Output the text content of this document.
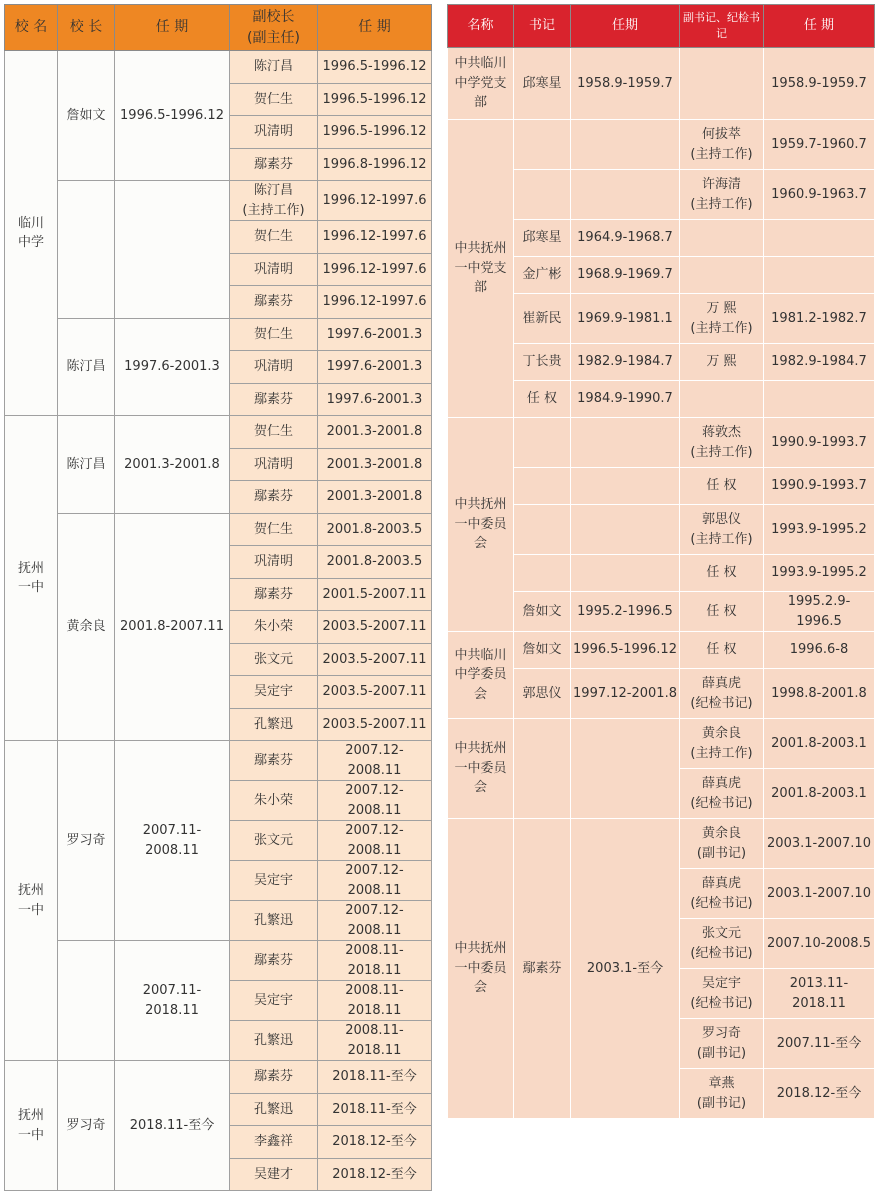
校 名	校 长	任 期	副校长
(副主任)	任 期
临川
中学	詹如文	1996.5-1996.12	陈汀昌	1996.5-1996.12
			贺仁生	1996.5-1996.12
			巩清明	1996.5-1996.12
			鄢素芬	1996.8-1996.12
			陈汀昌
(主持工作)	1996.12-1997.6
			贺仁生	1996.12-1997.6
			巩清明	1996.12-1997.6
			鄢素芬	1996.12-1997.6
	陈汀昌	1997.6-2001.3	贺仁生	1997.6-2001.3
			巩清明	1997.6-2001.3
			鄢素芬	1997.6-2001.3
抚州
一中	陈汀昌	2001.3-2001.8	贺仁生	2001.3-2001.8
			巩清明	2001.3-2001.8
			鄢素芬	2001.3-2001.8
	黄余良	2001.8-2007.11	贺仁生	2001.8-2003.5
			巩清明	2001.8-2003.5
			鄢素芬	2001.5-2007.11
			朱小荣	2003.5-2007.11
			张文元	2003.5-2007.11
			吴定宇	2003.5-2007.11
			孔繁迅	2003.5-2007.11
抚州
一中	罗习奇	2007.11-2008.11	鄢素芬	2007.12-2008.11
			朱小荣	2007.12-2008.11
			张文元	2007.12-2008.11
			吴定宇	2007.12-2008.11
			孔繁迅	2007.12-2008.11
		2007.11-2018.11	鄢素芬	2008.11-2018.11
			吴定宇	2008.11-2018.11
			孔繁迅	2008.11-2018.11
抚州
一中	罗习奇	2018.11-至今	鄢素芬	2018.11-至今
			孔繁迅	2018.11-至今
			李鑫祥	2018.12-至今
			吴建才	2018.12-至今
名称	书记	任期	副书记、纪检书记	任 期
中共临川
中学党支部	邱寒星	1958.9-1959.7		1958.9-1959.7
中共抚州
一中党支部			何拔萃
(主持工作)	1959.7-1960.7
			许海清
(主持工作)	1960.9-1963.7
	邱寒星	1964.9-1968.7		
	金广彬	1968.9-1969.7		
	崔新民	1969.9-1981.1	万 熙
(主持工作)	1981.2-1982.7
	丁长贵	1982.9-1984.7	万 熙	1982.9-1984.7
	任 权	1984.9-1990.7		
中共抚州
一中委员会			蒋敦杰
(主持工作)	1990.9-1993.7
			任 权	1990.9-1993.7
			郭思仪
(主持工作)	1993.9-1995.2
			任 权	1993.9-1995.2
	詹如文	1995.2-1996.5	任 权	1995.2.9-1996.5
中共临川
中学委员会	詹如文	1996.5-1996.12	任 权	1996.6-8
	郭思仪	1997.12-2001.8	薛真虎
(纪检书记)	1998.8-2001.8
中共抚州
一中委员会			黄余良
(主持工作)	2001.8-2003.1
			薛真虎
(纪检书记)	2001.8-2003.1
中共抚州
一中委员会	鄢素芬	2003.1-至今	黄余良
(副书记)	2003.1-2007.10
			薛真虎
(纪检书记)	2003.1-2007.10
			张文元
(纪检书记)	2007.10-2008.5
			吴定宇
(纪检书记)	2013.11-2018.11
			罗习奇
(副书记)	2007.11-至今
			章燕
(副书记)	2018.12-至今
